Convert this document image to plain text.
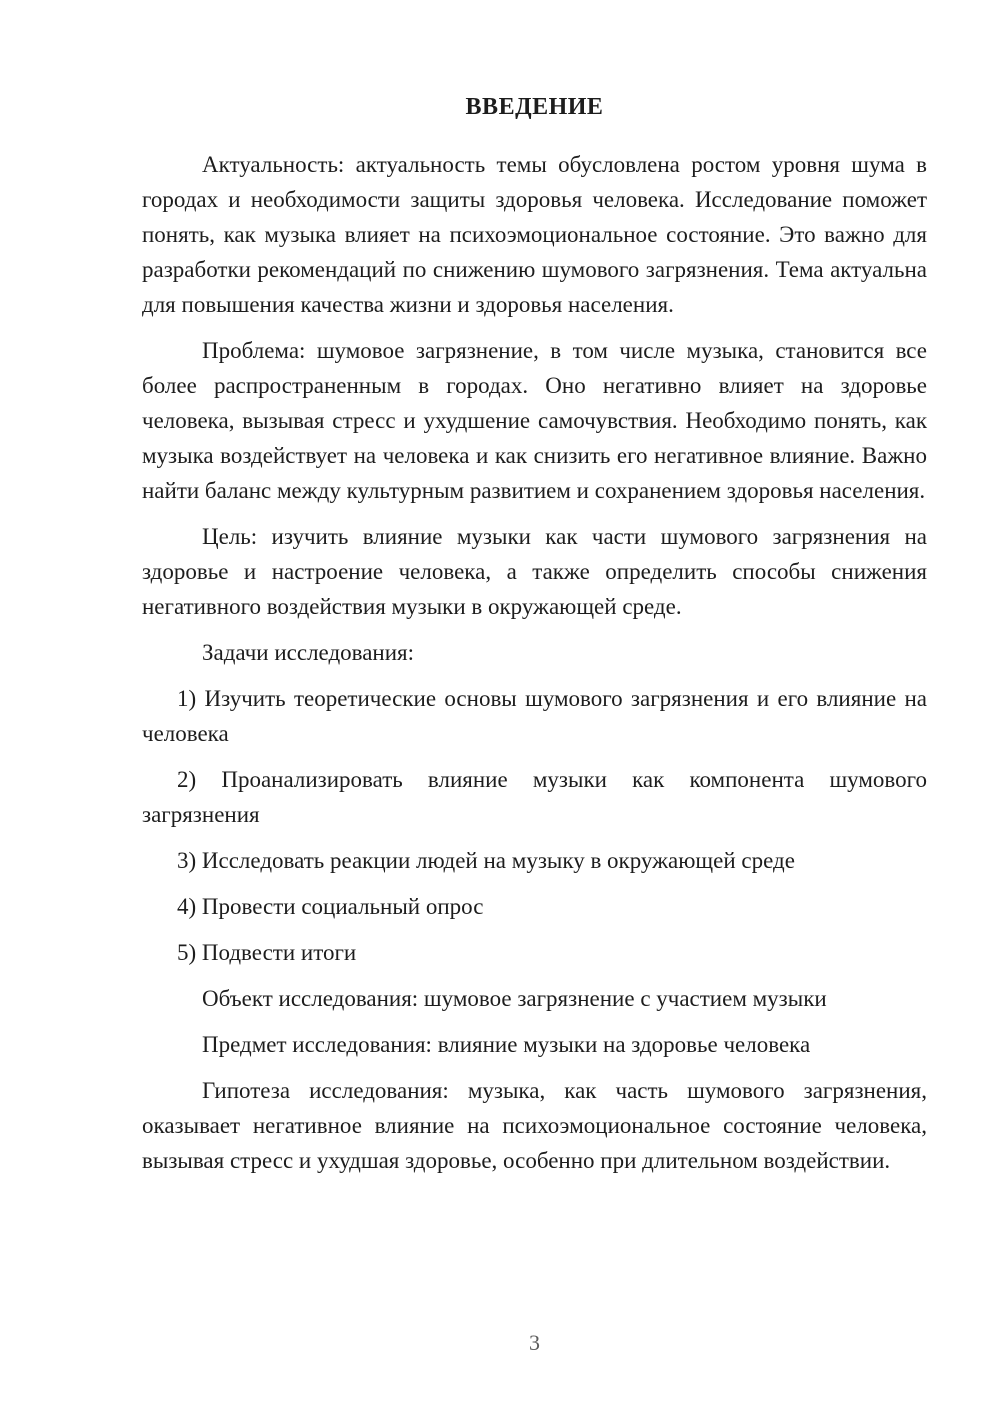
ВВЕДЕНИЕ

Актуальность: актуальность темы обусловлена ростом уровня шума в городах и необходимости защиты здоровья человека. Исследование поможет понять, как музыка влияет на психоэмоциональное состояние. Это важно для разработки рекомендаций по снижению шумового загрязнения. Тема актуальна для повышения качества жизни и здоровья населения.

Проблема: шумовое загрязнение, в том числе музыка, становится все более распространенным в городах. Оно негативно влияет на здоровье человека, вызывая стресс и ухудшение самочувствия. Необходимо понять, как музыка воздействует на человека и как снизить его негативное влияние. Важно найти баланс между культурным развитием и сохранением здоровья населения.

Цель: изучить влияние музыки как части шумового загрязнения на здоровье и настроение человека, а также определить способы снижения негативного воздействия музыки в окружающей среде.

Задачи исследования:

1) Изучить теоретические основы шумового загрязнения и его влияние на человека

2) Проанализировать влияние музыки как компонента шумового загрязнения

3) Исследовать реакции людей на музыку в окружающей среде

4) Провести социальный опрос

5) Подвести итоги

Объект исследования: шумовое загрязнение с участием музыки

Предмет исследования: влияние музыки на здоровье человека

Гипотеза исследования: музыка, как часть шумового загрязнения, оказывает негативное влияние на психоэмоциональное состояние человека, вызывая стресс и ухудшая здоровье, особенно при длительном воздействии.

3
